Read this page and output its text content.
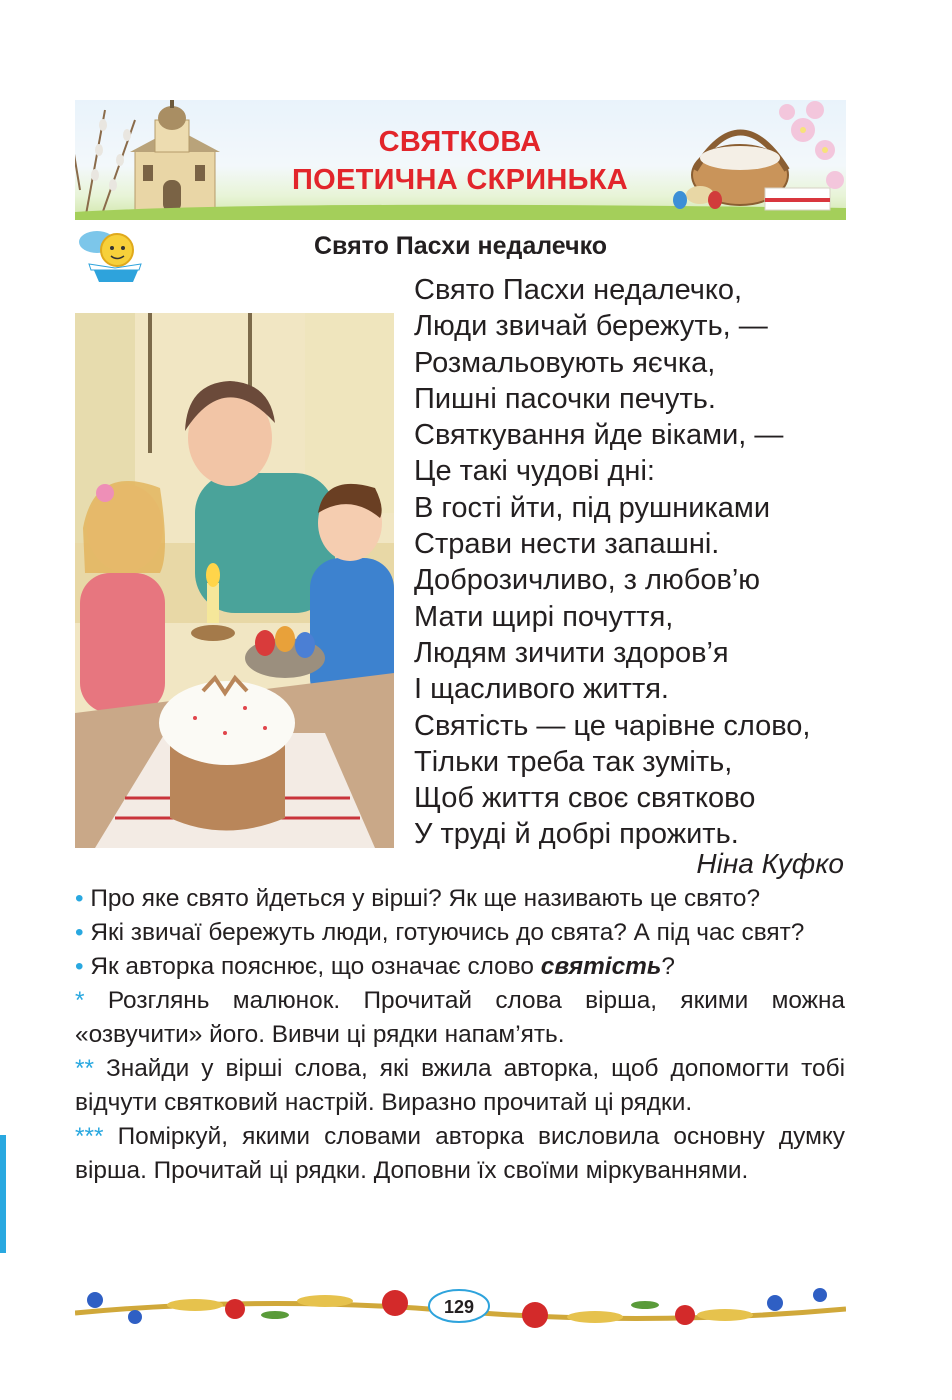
СВЯТКОВА

ПОЕТИЧНА СКРИНЬКА

Свято Пасхи недалечко
Свято Пасхи недалечко,
Люди звичай бережуть, —
Розмальовують яєчка,
Пишні пасочки печуть.
Святкування йде віками, —
Це такі чудові дні:
В гості йти, під рушниками
Страви нести запашні.
Доброзичливо, з любов’ю
Мати щирі почуття,
Людям зичити здоров’я
І щасливого життя.
Святість — це чарівне слово,
Тільки треба так зуміть,
Щоб життя своє святково
У труді й добрі прожить.
Ніна Куфко

• Про яке свято йдеться у вірші? Як ще називають це свято?

• Які звичаї бережуть люди, готуючись до свята? А під час свят?

• Як авторка пояснює, що означає слово святість?

* Розглянь малюнок. Прочитай слова вірша, якими можна «озвучити» його. Вивчи ці рядки напам’ять.

** Знайди у вірші слова, які вжила авторка, щоб допомогти тобі відчути святковий настрій. Виразно прочитай ці рядки.

*** Поміркуй, якими словами авторка висловила основну думку вірша. Прочитай ці рядки. Доповни їх своїми міркуваннями.

129
